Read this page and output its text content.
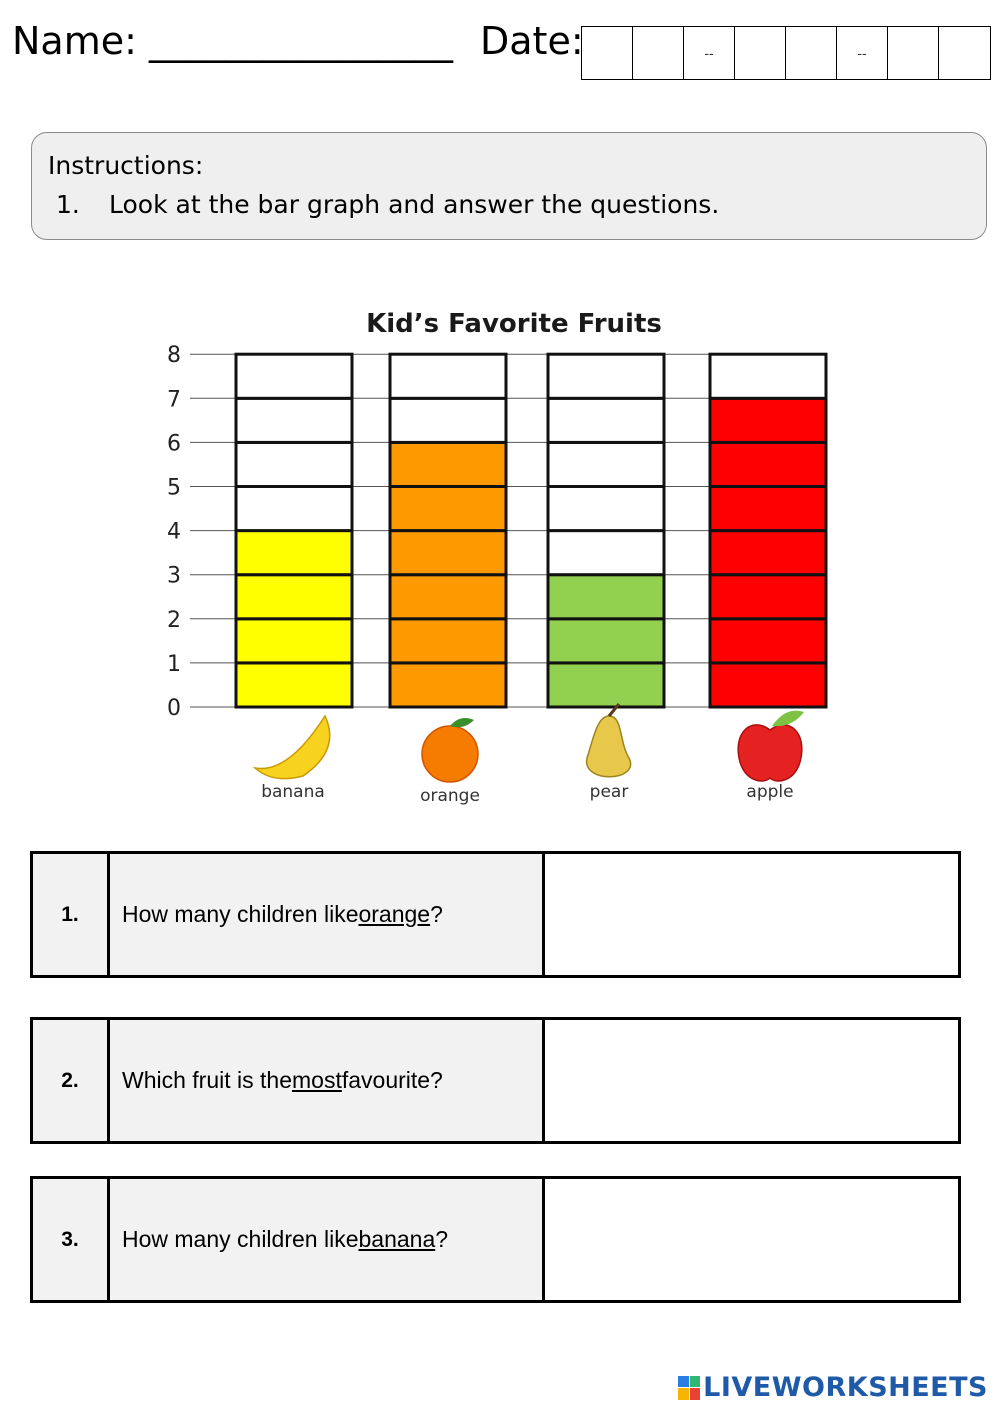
Name: ________________ Date:	--	--
Instructions:
1. Look at the bar graph and answer the questions.
Kid’s Favorite Fruits
0
1
2
3
4
5
6
7
8
banana	orange	pear	apple
1.	How many children like orange ?
2.	Which fruit is the most favourite?
3.	How many children like banana ?
LIVEWORKSHEETS
